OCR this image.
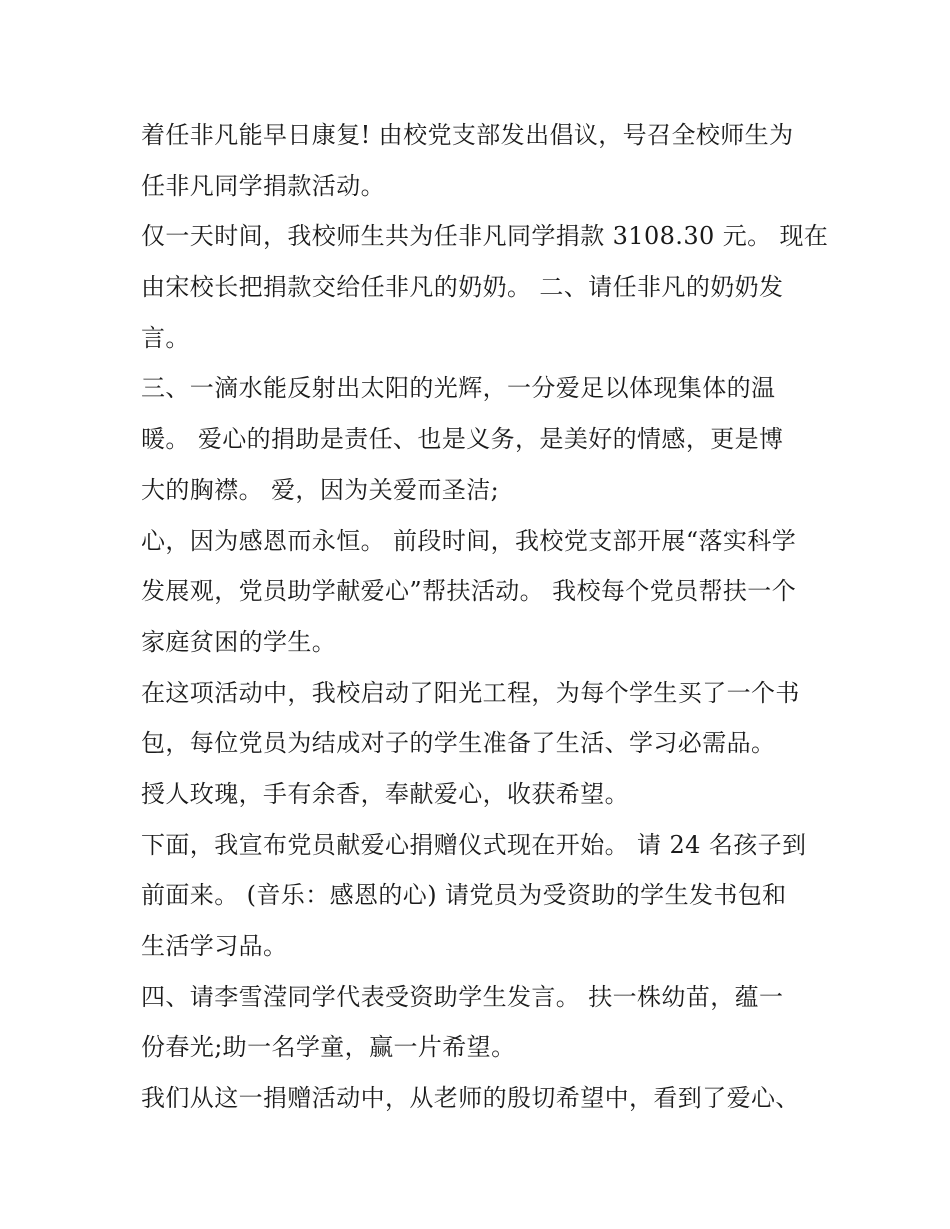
着任非凡能早日康复! 由校党支部发出倡议，号召全校师生为
任非凡同学捐款活动。
仅一天时间，我校师生共为任非凡同学捐款 3108.30 元。 现在
由宋校长把捐款交给任非凡的奶奶。 二、请任非凡的奶奶发
言。
三、一滴水能反射出太阳的光辉，一分爱足以体现集体的温
暖。 爱心的捐助是责任、也是义务，是美好的情感，更是博
大的胸襟。 爱，因为关爱而圣洁;
心，因为感恩而永恒。 前段时间，我校党支部开展“落实科学
发展观，党员助学献爱心”帮扶活动。 我校每个党员帮扶一个
家庭贫困的学生。
在这项活动中，我校启动了阳光工程，为每个学生买了一个书
包，每位党员为结成对子的学生准备了生活、学习必需品。
授人玫瑰，手有余香，奉献爱心，收获希望。
下面，我宣布党员献爱心捐赠仪式现在开始。 请 24 名孩子到
前面来。 (音乐：感恩的心) 请党员为受资助的学生发书包和
生活学习品。
四、请李雪滢同学代表受资助学生发言。 扶一株幼苗，蕴一
份春光;助一名学童，赢一片希望。
我们从这一捐赠活动中，从老师的殷切希望中，看到了爱心、
